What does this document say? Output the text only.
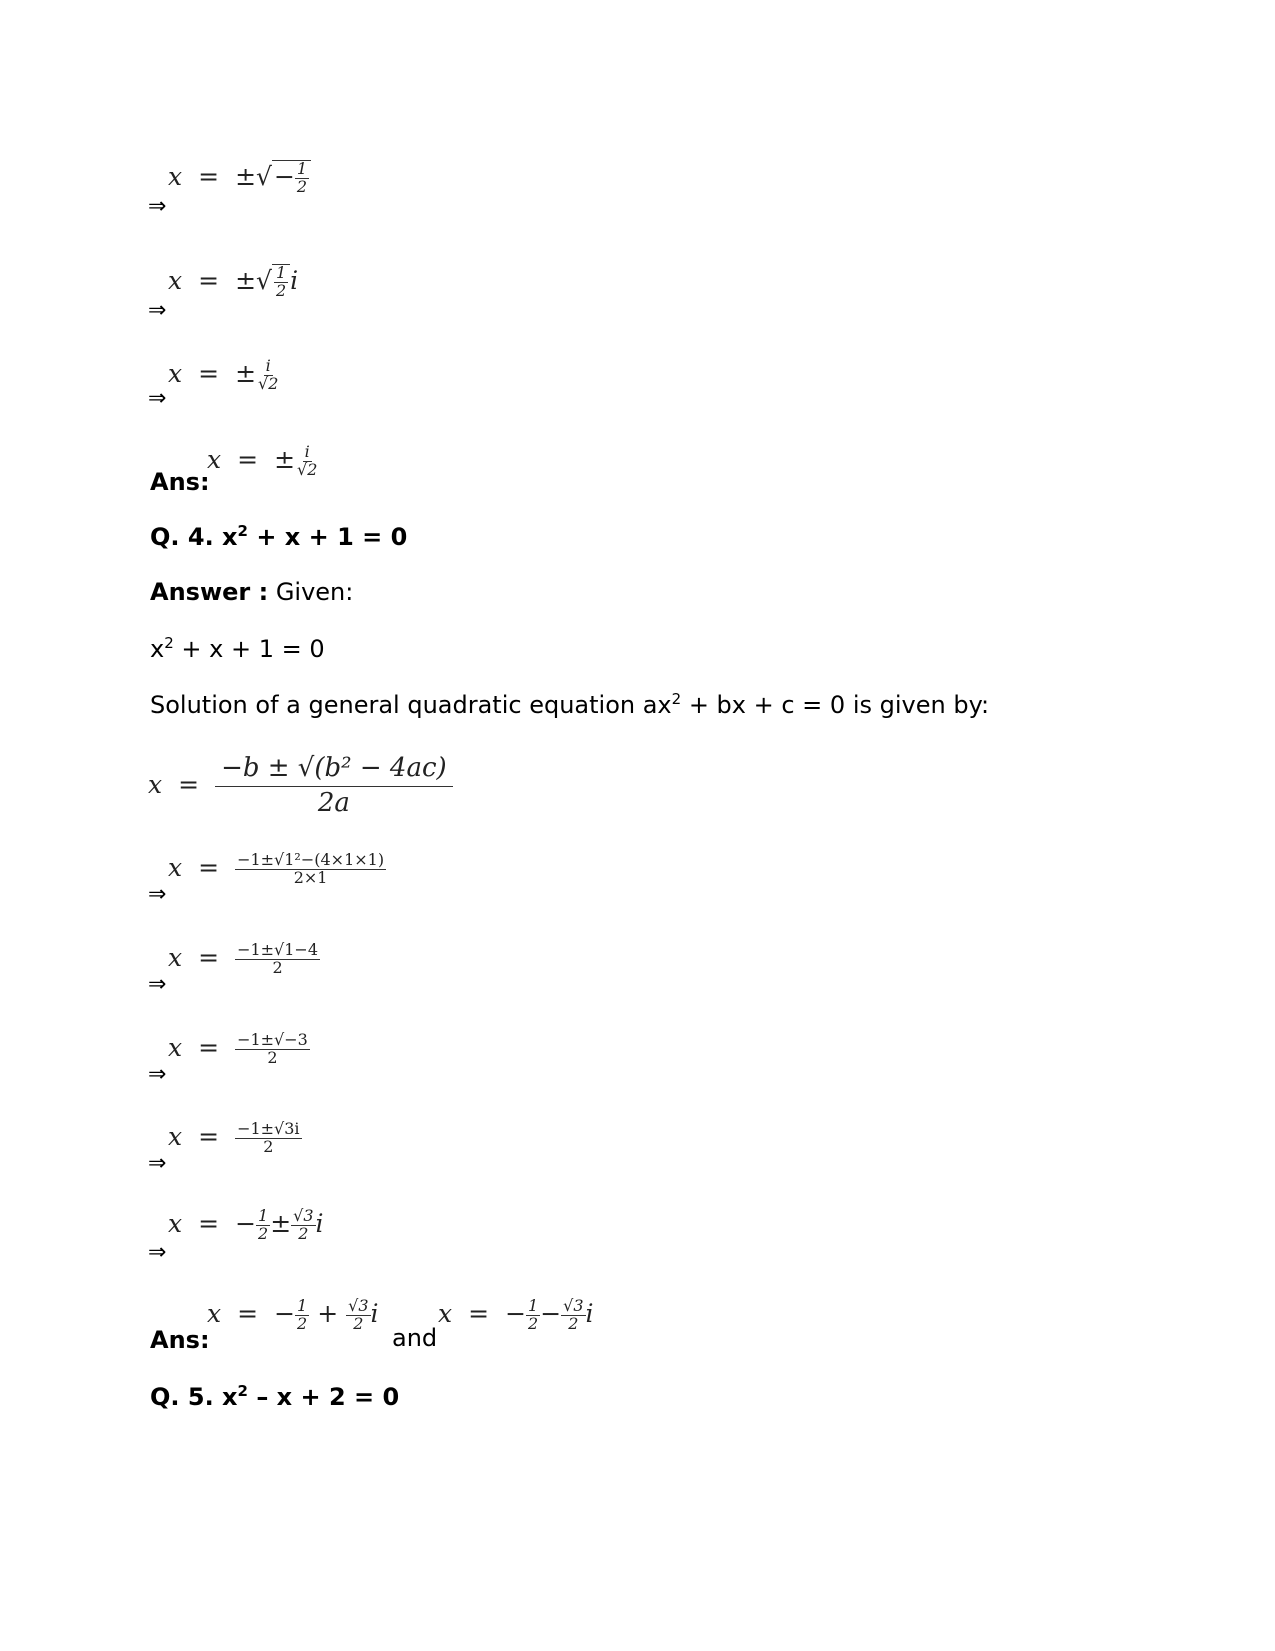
⇒
x = ±√− $\frac{1}{2}$
⇒
x = ±√ $\frac{1}{2}$ i
⇒
x = ± $\frac{i}{√2}$
Ans:
x = ± $\frac{i}{√2}$
Q. 4. $x^2 + x + 1 = 0$
Answer : Given:
$x^2 + x + 1 = 0$
Solution of a general quadratic equation $ax^2$ + bx + c = 0 is given by:
$x = \frac{\text{−b ± √(b² − 4ac)}}{2a}$
⇒
$x = \frac{\text{−1±√1²−(4×1×1)}}{2\times 1}$
⇒
$x = \frac{-1\pm√1-4}{2}$
⇒
$x = \frac{-1\pm√-3}{2}$
⇒
$x = \frac{-1\pm√3i}{2}$
⇒
x = − $\frac{1}{2} \pm \frac{√3}{2}$ i
Ans:
x = − $\frac{1}{2} + \frac{√3}{2}$ i
and
x = − $\frac{1}{2} - \frac{√3}{2}$ i
Q. 5. $x^2 - x + 2 = 0$
